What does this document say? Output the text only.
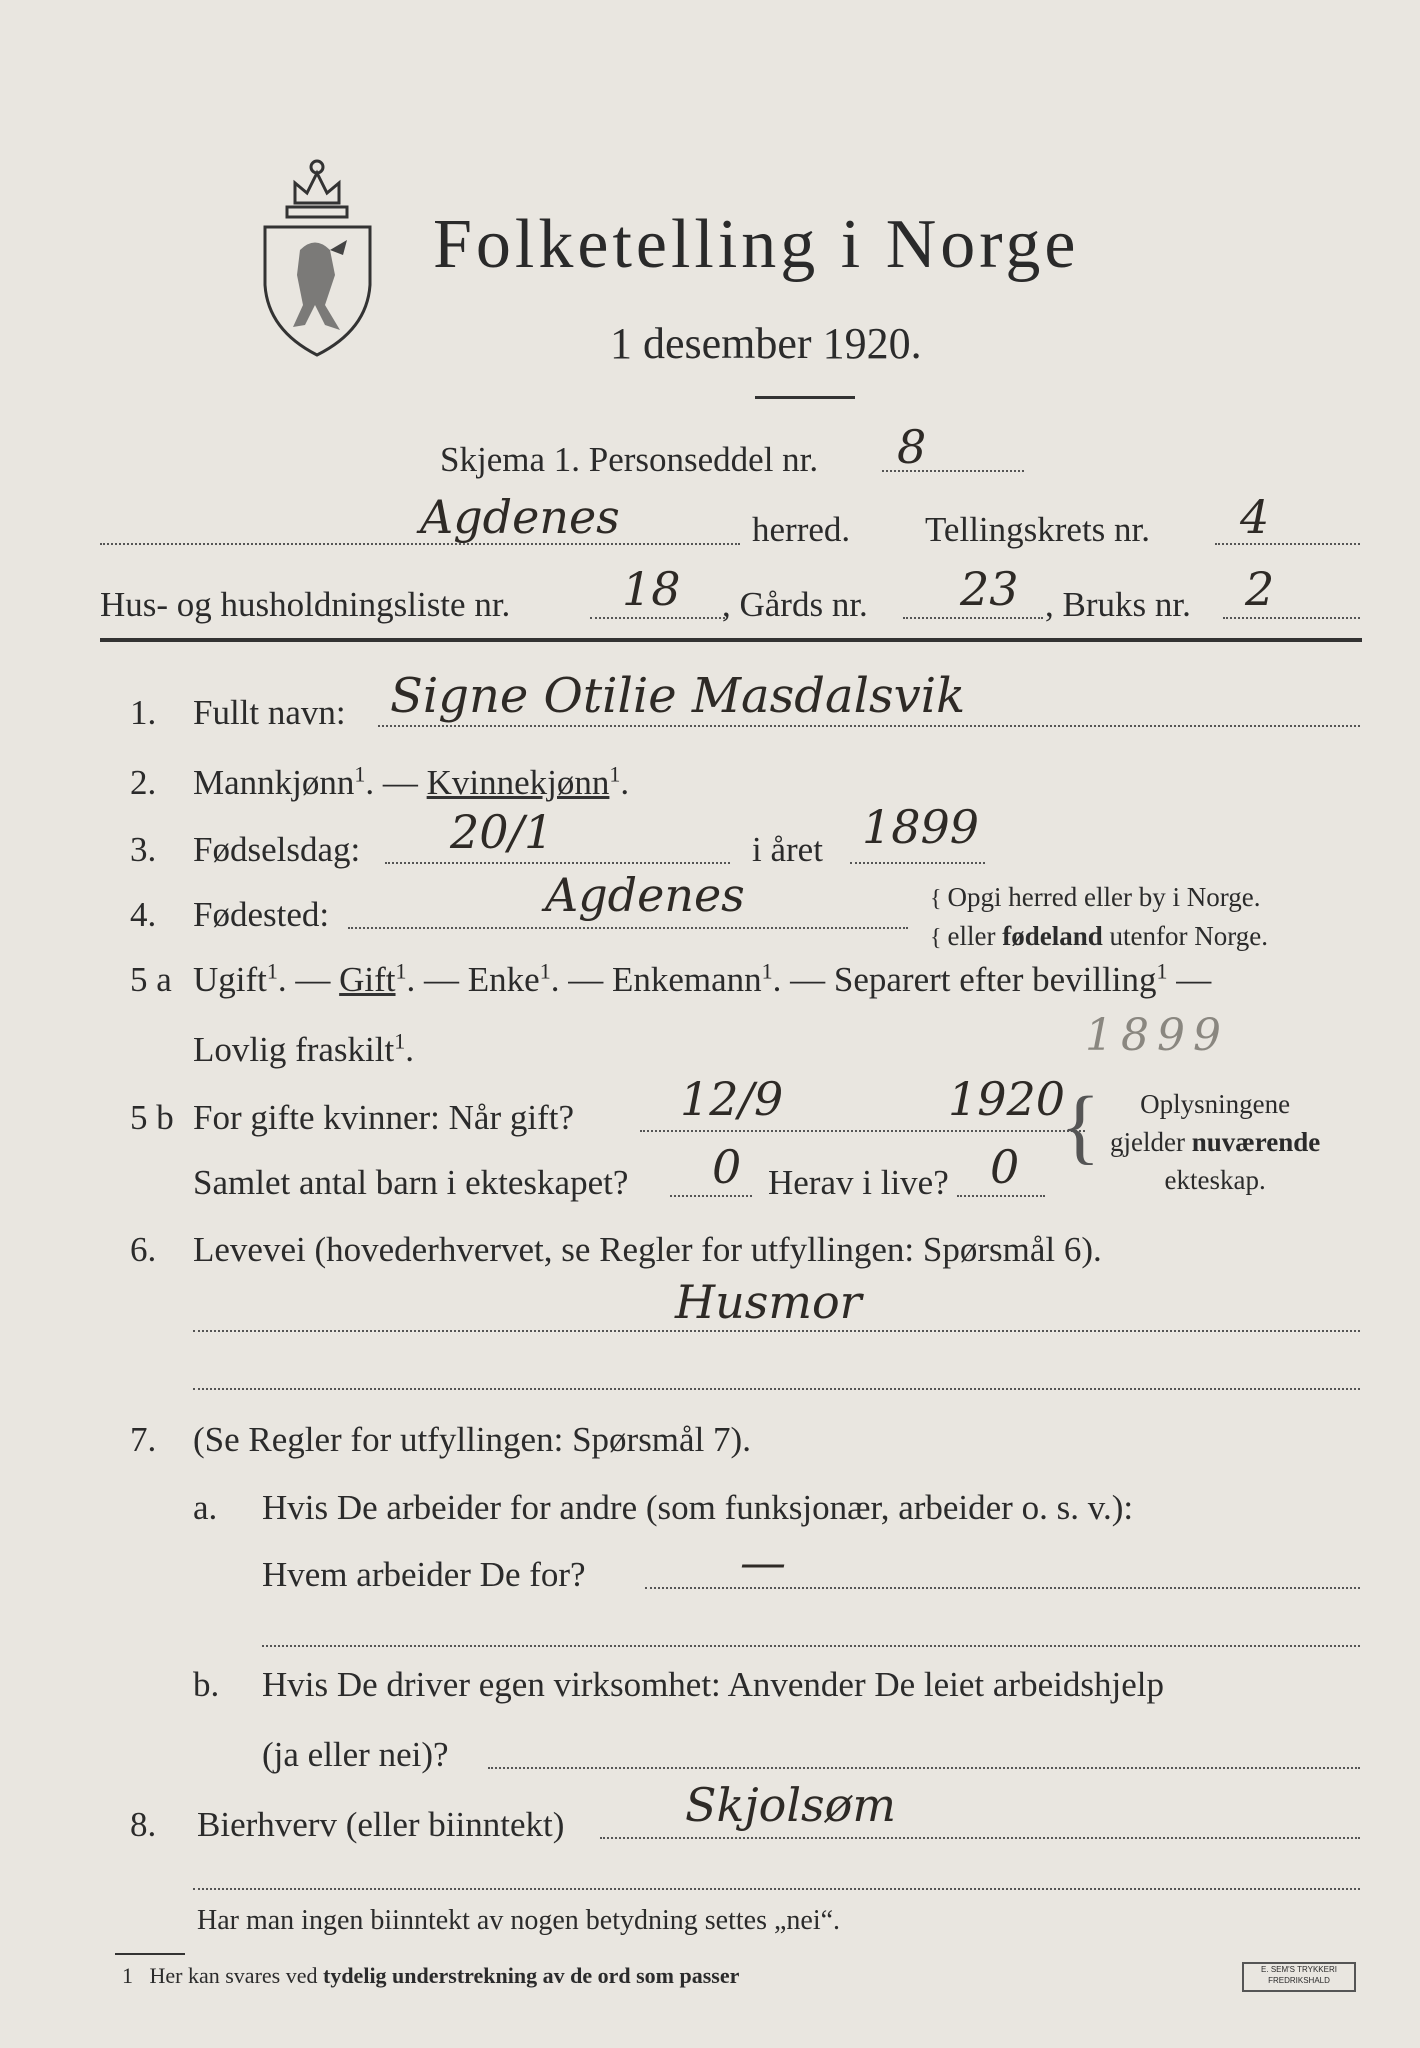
Folketelling i Norge
1 desember 1920.
Skjema 1. Personseddel nr. 8
Agdenes	herred. Tellingskrets nr. 4
Hus- og husholdningsliste nr. 18 , Gårds nr. 23 , Bruks nr. 2
1. Fullt navn: Signe Otilie Masdalsvik
2. Mannkjønn$^1$. — Kvinnekjønn$^1$.
3. Fødselsdag: 20/1	i året 1899
4. Fødested:	Agdenes	{ Opgi herred eller by i Norge.
{ eller fødeland utenfor Norge.
5 a Ugift$^1$. — Gift$^1$. — Enke$^1$. — Enkemann$^1$. — Separert efter bevilling$^1$ —
Lovlig fraskilt$^1$.	1899
5 b For gifte kvinner: Når gift? 12/9	1920
Samlet antal barn i ekteskapet? 0 Herav i live? 0 {	Oplysningene
gjelder nuværende
ekteskap.
6. Levevei (hovederhvervet, se Regler for utfyllingen: Spørsmål 6).
Husmor
7. (Se Regler for utfyllingen: Spørsmål 7).
a. Hvis De arbeider for andre (som funksjonær, arbeider o. s. v.):
Hvem arbeider De for?	—
b. Hvis De driver egen virksomhet: Anvender De leiet arbeidshjelp
(ja eller nei)?
8. Bierhverv (eller biinntekt)	Skjolsøm
Har man ingen biinntekt av nogen betydning settes „nei“.
1 Her kan svares ved tydelig understrekning av de ord som passer	E. SEM'S TRYKKERI
FREDRIKSHALD
